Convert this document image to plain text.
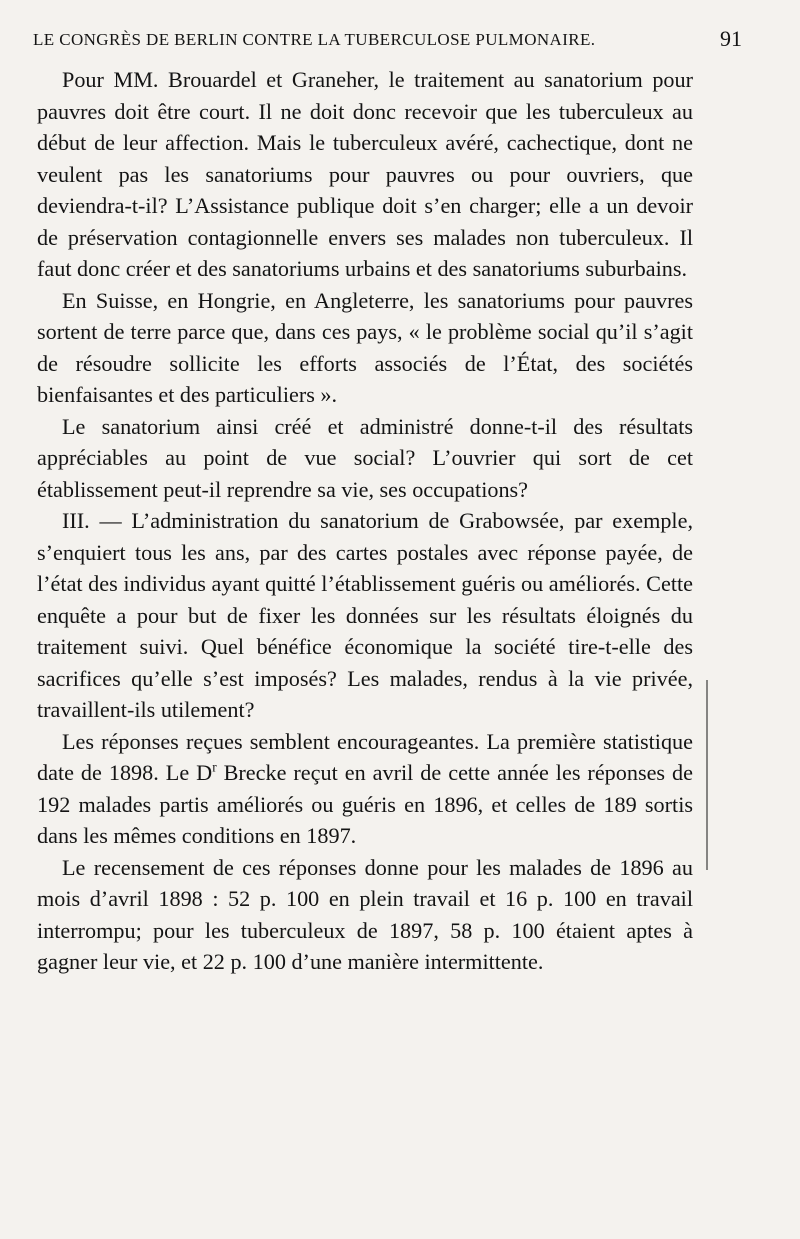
LE CONGRÈS DE BERLIN CONTRE LA TUBERCULOSE PULMONAIRE.	91

Pour MM. Brouardel et Graneher, le traitement au sanatorium pour pauvres doit être court. Il ne doit donc recevoir que les tuberculeux au début de leur affection. Mais le tuberculeux avéré, cachectique, dont ne veulent pas les sanatoriums pour pauvres ou pour ouvriers, que deviendra-t-il? L’Assistance publique doit s’en charger; elle a un devoir de préservation contagionnelle envers ses malades non tuberculeux. Il faut donc créer et des sanatoriums urbains et des sanatoriums suburbains.

En Suisse, en Hongrie, en Angleterre, les sanatoriums pour pauvres sortent de terre parce que, dans ces pays, « le problème social qu’il s’agit de résoudre sollicite les efforts associés de l’État, des sociétés bienfaisantes et des particuliers ».

Le sanatorium ainsi créé et administré donne-t-il des résultats appréciables au point de vue social? L’ouvrier qui sort de cet établissement peut-il reprendre sa vie, ses occupations?

III. — L’administration du sanatorium de Grabowsée, par exemple, s’enquiert tous les ans, par des cartes postales avec réponse payée, de l’état des individus ayant quitté l’établissement guéris ou améliorés. Cette enquête a pour but de fixer les données sur les résultats éloignés du traitement suivi. Quel bénéfice économique la société tire-t-elle des sacrifices qu’elle s’est imposés? Les malades, rendus à la vie privée, travaillent-ils utilement?

Les réponses reçues semblent encourageantes. La première statistique date de 1898. Le $D^r$ Brecke reçut en avril de cette année les réponses de 192 malades partis améliorés ou guéris en 1896, et celles de 189 sortis dans les mêmes conditions en 1897.

Le recensement de ces réponses donne pour les malades de 1896 au mois d’avril 1898 : 52 p. 100 en plein travail et 16 p. 100 en travail interrompu; pour les tuberculeux de 1897, 58 p. 100 étaient aptes à gagner leur vie, et 22 p. 100 d’une manière intermittente.
